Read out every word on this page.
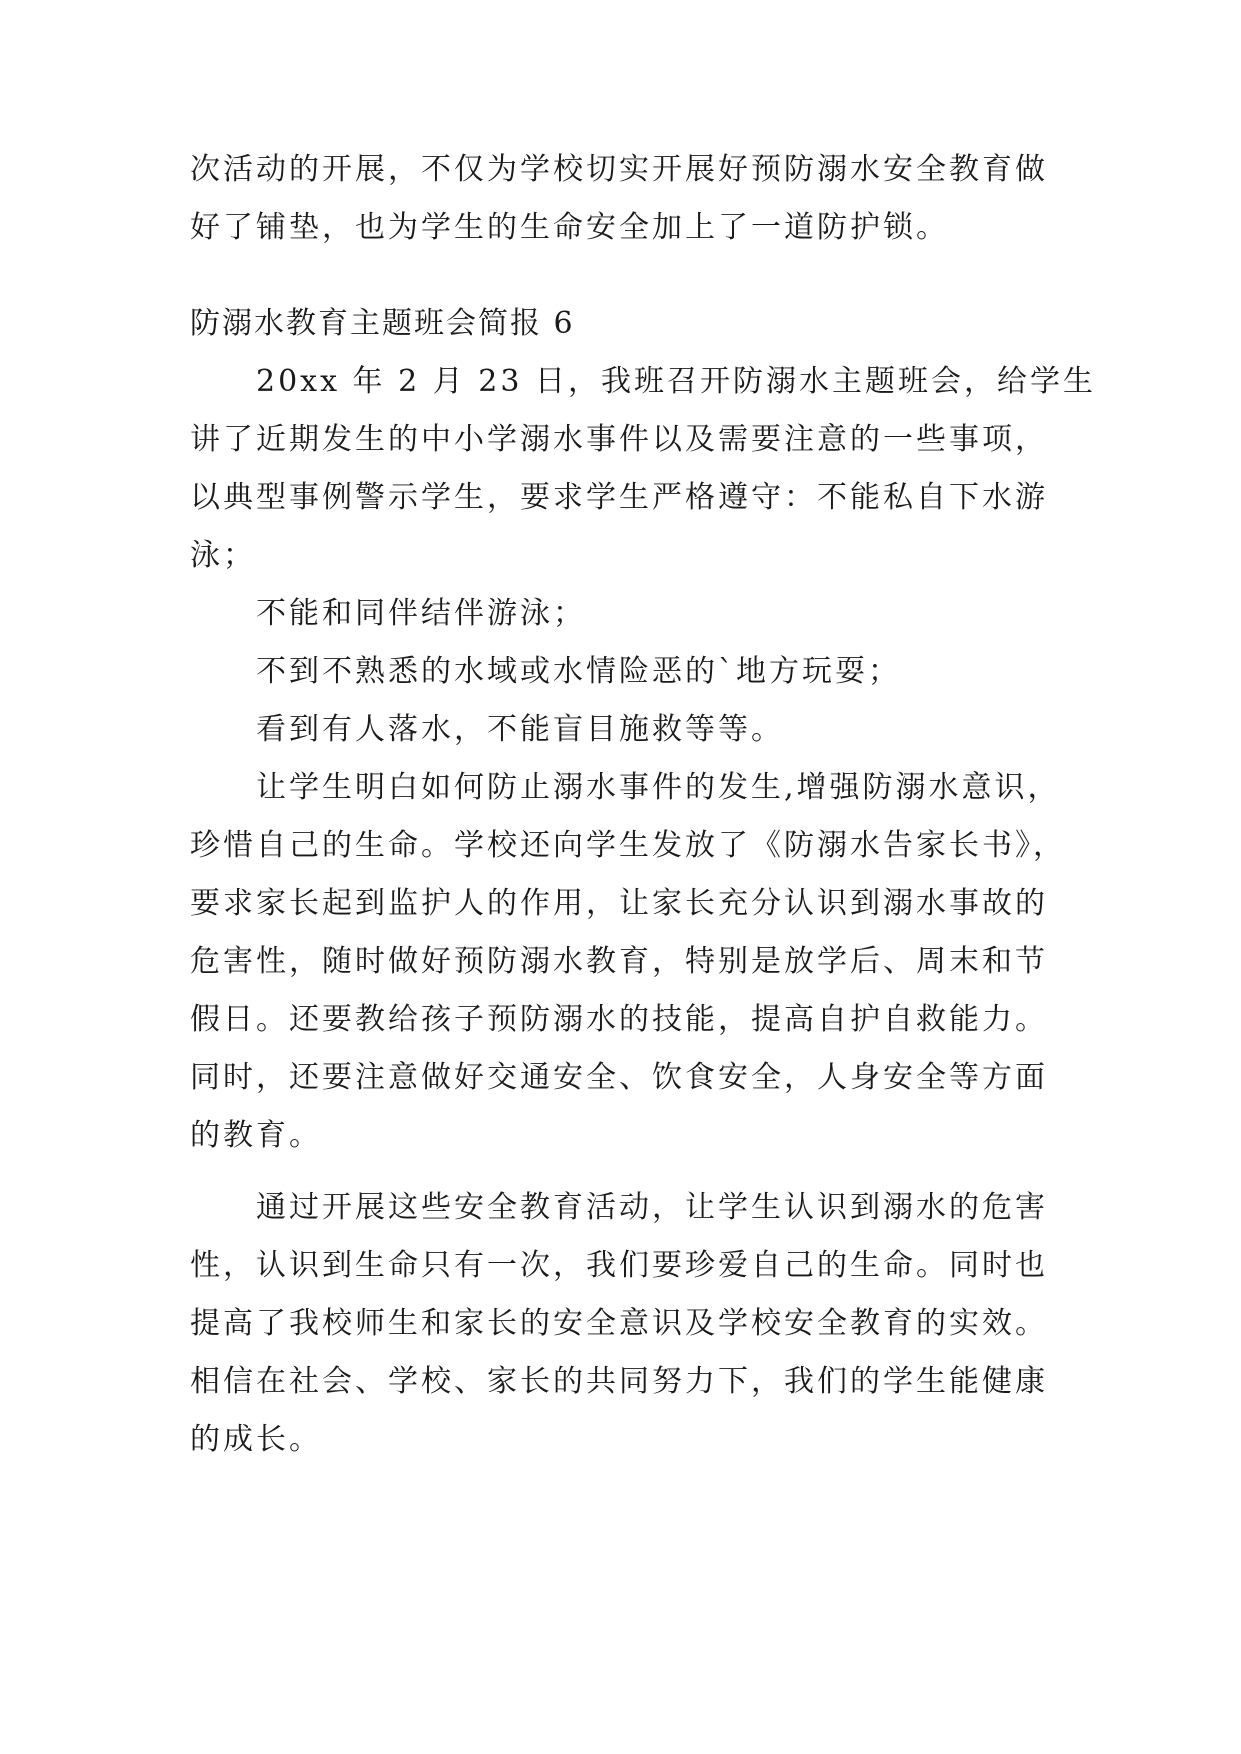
次活动的开展，不仅为学校切实开展好预防溺水安全教育做
好了铺垫，也为学生的生命安全加上了一道防护锁。
防溺水教育主题班会简报 6
20xx 年 2 月 23 日，我班召开防溺水主题班会，给学生
讲了近期发生的中小学溺水事件以及需要注意的一些事项，
以典型事例警示学生，要求学生严格遵守：不能私自下水游
泳；
不能和同伴结伴游泳；
不到不熟悉的水域或水情险恶的`地方玩耍；
看到有人落水，不能盲目施救等等。
让学生明白如何防止溺水事件的发生,增强防溺水意识，
珍惜自己的生命。学校还向学生发放了《防溺水告家长书》，
要求家长起到监护人的作用，让家长充分认识到溺水事故的
危害性，随时做好预防溺水教育，特别是放学后、周末和节
假日。还要教给孩子预防溺水的技能，提高自护自救能力。
同时，还要注意做好交通安全、饮食安全，人身安全等方面
的教育。
通过开展这些安全教育活动，让学生认识到溺水的危害
性，认识到生命只有一次，我们要珍爱自己的生命。同时也
提高了我校师生和家长的安全意识及学校安全教育的实效。
相信在社会、学校、家长的共同努力下，我们的学生能健康
的成长。
